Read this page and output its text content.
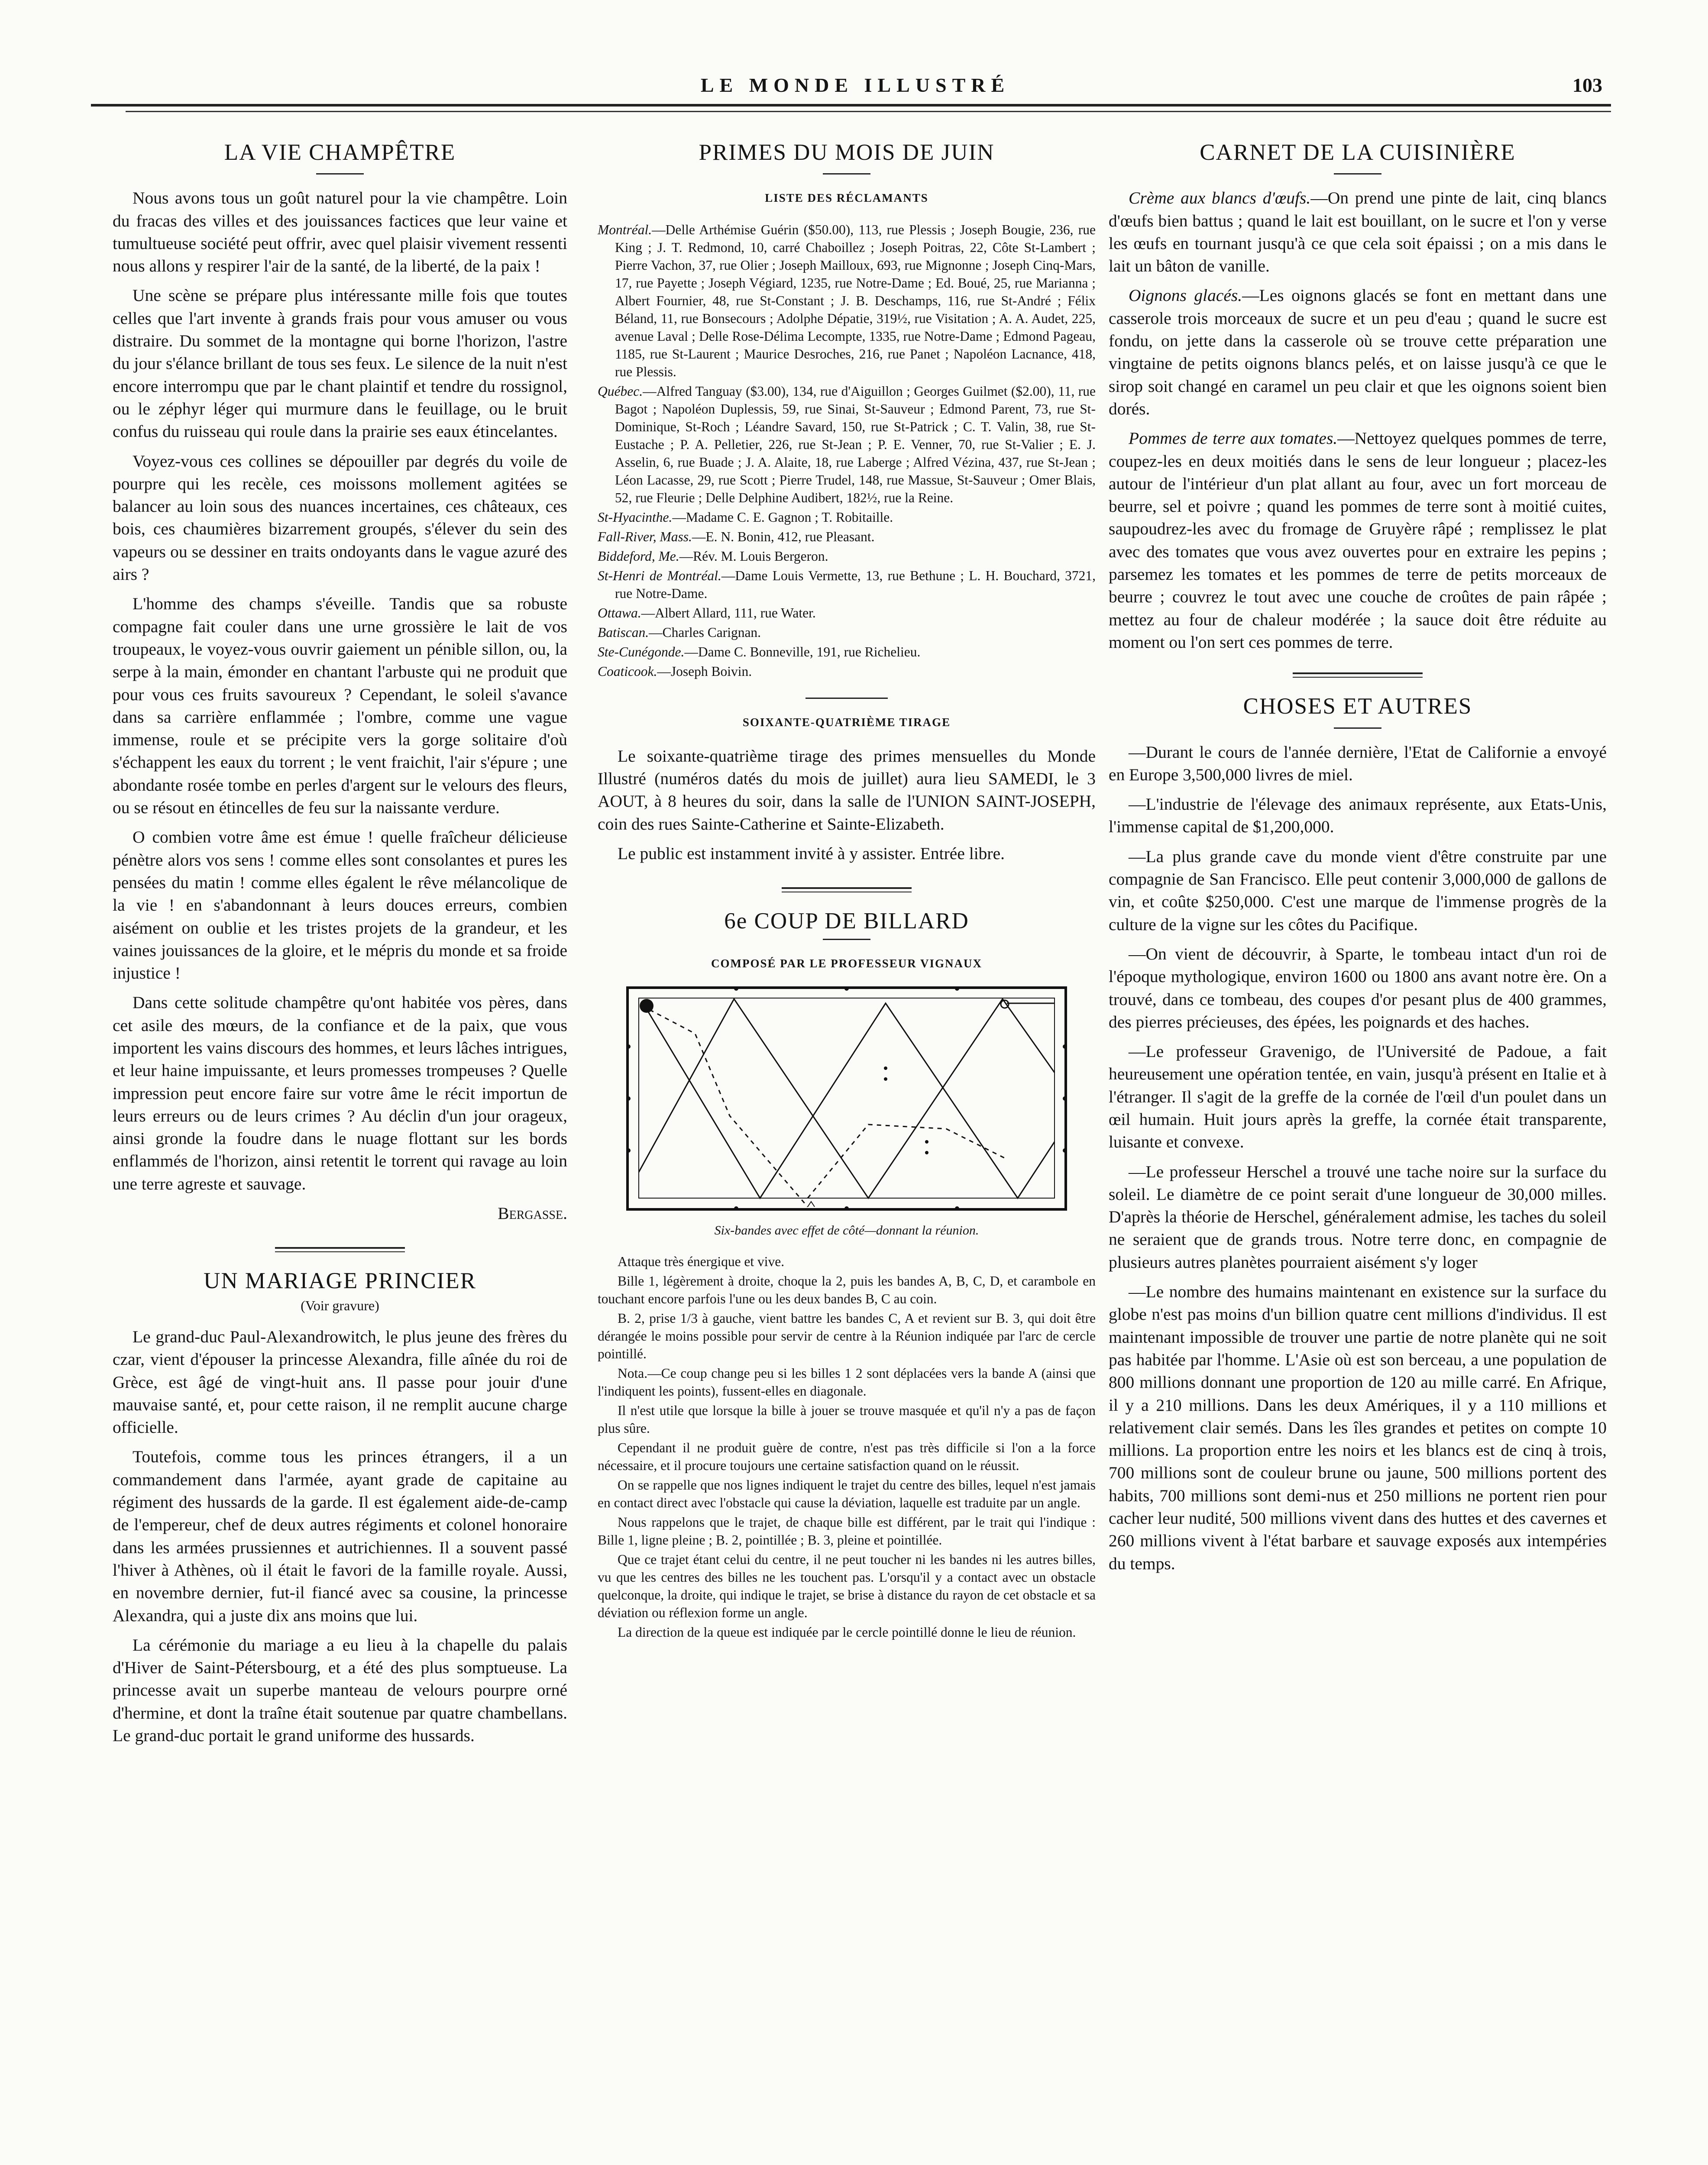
LE MONDE ILLUSTRÉ	103
LA VIE CHAMPÊTRE

Nous avons tous un goût naturel pour la vie champêtre. Loin du fracas des villes et des jouissances factices que leur vaine et tumultueuse société peut offrir, avec quel plaisir vivement ressenti nous allons y respirer l'air de la santé, de la liberté, de la paix !

Une scène se prépare plus intéressante mille fois que toutes celles que l'art invente à grands frais pour vous amuser ou vous distraire. Du sommet de la montagne qui borne l'horizon, l'astre du jour s'élance brillant de tous ses feux. Le silence de la nuit n'est encore interrompu que par le chant plaintif et tendre du rossignol, ou le zéphyr léger qui murmure dans le feuillage, ou le bruit confus du ruisseau qui roule dans la prairie ses eaux étincelantes.

Voyez-vous ces collines se dépouiller par degrés du voile de pourpre qui les recèle, ces moissons mollement agitées se balancer au loin sous des nuances incertaines, ces châteaux, ces bois, ces chaumières bizarrement groupés, s'élever du sein des vapeurs ou se dessiner en traits ondoyants dans le vague azuré des airs ?

L'homme des champs s'éveille. Tandis que sa robuste compagne fait couler dans une urne grossière le lait de vos troupeaux, le voyez-vous ouvrir gaiement un pénible sillon, ou, la serpe à la main, émonder en chantant l'arbuste qui ne produit que pour vous ces fruits savoureux ? Cependant, le soleil s'avance dans sa carrière enflammée ; l'ombre, comme une vague immense, roule et se précipite vers la gorge solitaire d'où s'échappent les eaux du torrent ; le vent fraichit, l'air s'épure ; une abondante rosée tombe en perles d'argent sur le velours des fleurs, ou se résout en étincelles de feu sur la naissante verdure.

O combien votre âme est émue ! quelle fraîcheur délicieuse pénètre alors vos sens ! comme elles sont consolantes et pures les pensées du matin ! comme elles égalent le rêve mélancolique de la vie ! en s'abandonnant à leurs douces erreurs, combien aisément on oublie et les tristes projets de la grandeur, et les vaines jouissances de la gloire, et le mépris du monde et sa froide injustice !

Dans cette solitude champêtre qu'ont habitée vos pères, dans cet asile des mœurs, de la confiance et de la paix, que vous importent les vains discours des hommes, et leurs lâches intrigues, et leur haine impuissante, et leurs promesses trompeuses ? Quelle impression peut encore faire sur votre âme le récit importun de leurs erreurs ou de leurs crimes ? Au déclin d'un jour orageux, ainsi gronde la foudre dans le nuage flottant sur les bords enflammés de l'horizon, ainsi retentit le torrent qui ravage au loin une terre agreste et sauvage.

Bergasse.
UN MARIAGE PRINCIER
(Voir gravure)

Le grand-duc Paul-Alexandrowitch, le plus jeune des frères du czar, vient d'épouser la princesse Alexandra, fille aînée du roi de Grèce, est âgé de vingt-huit ans. Il passe pour jouir d'une mauvaise santé, et, pour cette raison, il ne remplit aucune charge officielle.

Toutefois, comme tous les princes étrangers, il a un commandement dans l'armée, ayant grade de capitaine au régiment des hussards de la garde. Il est également aide-de-camp de l'empereur, chef de deux autres régiments et colonel honoraire dans les armées prussiennes et autrichiennes. Il a souvent passé l'hiver à Athènes, où il était le favori de la famille royale. Aussi, en novembre dernier, fut-il fiancé avec sa cousine, la princesse Alexandra, qui a juste dix ans moins que lui.

La cérémonie du mariage a eu lieu à la chapelle du palais d'Hiver de Saint-Pétersbourg, et a été des plus somptueuse. La princesse avait un superbe manteau de velours pourpre orné d'hermine, et dont la traîne était soutenue par quatre chambellans. Le grand-duc portait le grand uniforme des hussards.

PRIMES DU MOIS DE JUIN
LISTE DES RÉCLAMANTS

Montréal.—Delle Arthémise Guérin ($50.00), 113, rue Plessis ; Joseph Bougie, 236, rue King ; J. T. Redmond, 10, carré Chaboillez ; Joseph Poitras, 22, Côte St-Lambert ; Pierre Vachon, 37, rue Olier ; Joseph Mailloux, 693, rue Mignonne ; Joseph Cinq-Mars, 17, rue Payette ; Joseph Végiard, 1235, rue Notre-Dame ; Ed. Boué, 25, rue Marianna ; Albert Fournier, 48, rue St-Constant ; J. B. Deschamps, 116, rue St-André ; Félix Béland, 11, rue Bonsecours ; Adolphe Dépatie, 319½, rue Visitation ; A. A. Audet, 225, avenue Laval ; Delle Rose-Délima Lecompte, 1335, rue Notre-Dame ; Edmond Pageau, 1185, rue St-Laurent ; Maurice Desroches, 216, rue Panet ; Napoléon Lacnance, 418, rue Plessis.

Québec.—Alfred Tanguay ($3.00), 134, rue d'Aiguillon ; Georges Guilmet ($2.00), 11, rue Bagot ; Napoléon Duplessis, 59, rue Sinai, St-Sauveur ; Edmond Parent, 73, rue St-Dominique, St-Roch ; Léandre Savard, 150, rue St-Patrick ; C. T. Valin, 38, rue St-Eustache ; P. A. Pelletier, 226, rue St-Jean ; P. E. Venner, 70, rue St-Valier ; E. J. Asselin, 6, rue Buade ; J. A. Alaite, 18, rue Laberge ; Alfred Vézina, 437, rue St-Jean ; Léon Lacasse, 29, rue Scott ; Pierre Trudel, 148, rue Massue, St-Sauveur ; Omer Blais, 52, rue Fleurie ; Delle Delphine Audibert, 182½, rue la Reine.

St-Hyacinthe.—Madame C. E. Gagnon ; T. Robitaille.

Fall-River, Mass.—E. N. Bonin, 412, rue Pleasant.

Biddeford, Me.—Rév. M. Louis Bergeron.

St-Henri de Montréal.—Dame Louis Vermette, 13, rue Bethune ; L. H. Bouchard, 3721, rue Notre-Dame.

Ottawa.—Albert Allard, 111, rue Water.

Batiscan.—Charles Carignan.

Ste-Cunégonde.—Dame C. Bonneville, 191, rue Richelieu.

Coaticook.—Joseph Boivin.

SOIXANTE-QUATRIÈME TIRAGE

Le soixante-quatrième tirage des primes mensuelles du Monde Illustré (numéros datés du mois de juillet) aura lieu SAMEDI, le 3 AOUT, à 8 heures du soir, dans la salle de l'UNION SAINT-JOSEPH, coin des rues Sainte-Catherine et Sainte-Elizabeth.

Le public est instamment invité à y assister. Entrée libre.

6e COUP DE BILLARD
COMPOSÉ PAR LE PROFESSEUR VIGNAUX
Six-bandes avec effet de côté—donnant la réunion.

Attaque très énergique et vive.

Bille 1, légèrement à droite, choque la 2, puis les bandes A, B, C, D, et carambole en touchant encore parfois l'une ou les deux bandes B, C au coin.

B. 2, prise 1/3 à gauche, vient battre les bandes C, A et revient sur B. 3, qui doit être dérangée le moins possible pour servir de centre à la Réunion indiquée par l'arc de cercle pointillé.

Nota.—Ce coup change peu si les billes 1 2 sont déplacées vers la bande A (ainsi que l'indiquent les points), fussent-elles en diagonale.

Il n'est utile que lorsque la bille à jouer se trouve masquée et qu'il n'y a pas de façon plus sûre.

Cependant il ne produit guère de contre, n'est pas très difficile si l'on a la force nécessaire, et il procure toujours une certaine satisfaction quand on le réussit.

On se rappelle que nos lignes indiquent le trajet du centre des billes, lequel n'est jamais en contact direct avec l'obstacle qui cause la déviation, laquelle est traduite par un angle.

Nous rappelons que le trajet, de chaque bille est différent, par le trait qui l'indique : Bille 1, ligne pleine ; B. 2, pointillée ; B. 3, pleine et pointillée.

Que ce trajet étant celui du centre, il ne peut toucher ni les bandes ni les autres billes, vu que les centres des billes ne les touchent pas. L'orsqu'il y a contact avec un obstacle quelconque, la droite, qui indique le trajet, se brise à distance du rayon de cet obstacle et sa déviation ou réflexion forme un angle.

La direction de la queue est indiquée par le cercle pointillé donne le lieu de réunion.

CARNET DE LA CUISINIÈRE

Crème aux blancs d'œufs.—On prend une pinte de lait, cinq blancs d'œufs bien battus ; quand le lait est bouillant, on le sucre et l'on y verse les œufs en tournant jusqu'à ce que cela soit épaissi ; on a mis dans le lait un bâton de vanille.

Oignons glacés.—Les oignons glacés se font en mettant dans une casserole trois morceaux de sucre et un peu d'eau ; quand le sucre est fondu, on jette dans la casserole où se trouve cette préparation une vingtaine de petits oignons blancs pelés, et on laisse jusqu'à ce que le sirop soit changé en caramel un peu clair et que les oignons soient bien dorés.

Pommes de terre aux tomates.—Nettoyez quelques pommes de terre, coupez-les en deux moitiés dans le sens de leur longueur ; placez-les autour de l'intérieur d'un plat allant au four, avec un fort morceau de beurre, sel et poivre ; quand les pommes de terre sont à moitié cuites, saupoudrez-les avec du fromage de Gruyère râpé ; remplissez le plat avec des tomates que vous avez ouvertes pour en extraire les pepins ; parsemez les tomates et les pommes de terre de petits morceaux de beurre ; couvrez le tout avec une couche de croûtes de pain râpée ; mettez au four de chaleur modérée ; la sauce doit être réduite au moment ou l'on sert ces pommes de terre.

CHOSES ET AUTRES

—Durant le cours de l'année dernière, l'Etat de Californie a envoyé en Europe 3,500,000 livres de miel.

—L'industrie de l'élevage des animaux représente, aux Etats-Unis, l'immense capital de $1,200,000.

—La plus grande cave du monde vient d'être construite par une compagnie de San Francisco. Elle peut contenir 3,000,000 de gallons de vin, et coûte $250,000. C'est une marque de l'immense progrès de la culture de la vigne sur les côtes du Pacifique.

—On vient de découvrir, à Sparte, le tombeau intact d'un roi de l'époque mythologique, environ 1600 ou 1800 ans avant notre ère. On a trouvé, dans ce tombeau, des coupes d'or pesant plus de 400 grammes, des pierres précieuses, des épées, les poignards et des haches.

—Le professeur Gravenigo, de l'Université de Padoue, a fait heureusement une opération tentée, en vain, jusqu'à présent en Italie et à l'étranger. Il s'agit de la greffe de la cornée de l'œil d'un poulet dans un œil humain. Huit jours après la greffe, la cornée était transparente, luisante et convexe.

—Le professeur Herschel a trouvé une tache noire sur la surface du soleil. Le diamètre de ce point serait d'une longueur de 30,000 milles. D'après la théorie de Herschel, généralement admise, les taches du soleil ne seraient que de grands trous. Notre terre donc, en compagnie de plusieurs autres planètes pourraient aisément s'y loger

—Le nombre des humains maintenant en existence sur la surface du globe n'est pas moins d'un billion quatre cent millions d'individus. Il est maintenant impossible de trouver une partie de notre planète qui ne soit pas habitée par l'homme. L'Asie où est son berceau, a une population de 800 millions donnant une proportion de 120 au mille carré. En Afrique, il y a 210 millions. Dans les deux Amériques, il y a 110 millions et relativement clair semés. Dans les îles grandes et petites on compte 10 millions. La proportion entre les noirs et les blancs est de cinq à trois, 700 millions sont de couleur brune ou jaune, 500 millions portent des habits, 700 millions sont demi-nus et 250 millions ne portent rien pour cacher leur nudité, 500 millions vivent dans des huttes et des cavernes et 260 millions vivent à l'état barbare et sauvage exposés aux intempéries du temps.
